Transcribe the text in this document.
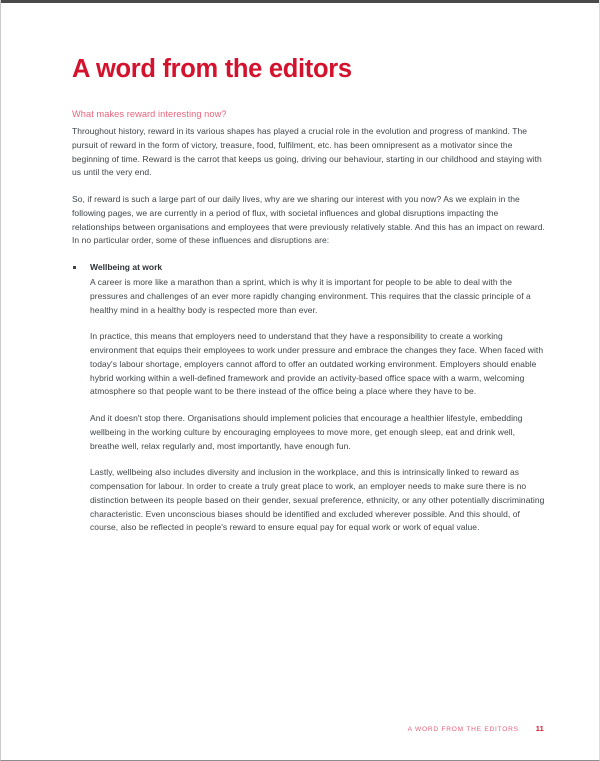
A word from the editors
What makes reward interesting now?

Throughout history, reward in its various shapes has played a crucial role in the evolution and progress of mankind. The pursuit of reward in the form of victory, treasure, food, fulfilment, etc. has been omnipresent as a motivator since the beginning of time. Reward is the carrot that keeps us going, driving our behaviour, starting in our childhood and staying with us until the very end.

So, if reward is such a large part of our daily lives, why are we sharing our interest with you now? As we explain in the following pages, we are currently in a period of flux, with societal influences and global disruptions impacting the relationships between organisations and employees that were previously relatively stable. And this has an impact on reward. In no particular order, some of these influences and disruptions are:

Wellbeing at work

A career is more like a marathon than a sprint, which is why it is important for people to be able to deal with the pressures and challenges of an ever more rapidly changing environment. This requires that the classic principle of a healthy mind in a healthy body is respected more than ever.

In practice, this means that employers need to understand that they have a responsibility to create a working environment that equips their employees to work under pressure and embrace the changes they face. When faced with today's labour shortage, employers cannot afford to offer an outdated working environment. Employers should enable hybrid working within a well-defined framework and provide an activity-based office space with a warm, welcoming atmosphere so that people want to be there instead of the office being a place where they have to be.

And it doesn't stop there. Organisations should implement policies that encourage a healthier lifestyle, embedding wellbeing in the working culture by encouraging employees to move more, get enough sleep, eat and drink well, breathe well, relax regularly and, most importantly, have enough fun.

Lastly, wellbeing also includes diversity and inclusion in the workplace, and this is intrinsically linked to reward as compensation for labour. In order to create a truly great place to work, an employer needs to make sure there is no distinction between its people based on their gender, sexual preference, ethnicity, or any other potentially discriminating characteristic. Even unconscious biases should be identified and excluded wherever possible. And this should, of course, also be reflected in people's reward to ensure equal pay for equal work or work of equal value.

A WORD FROM THE EDITORS 11
